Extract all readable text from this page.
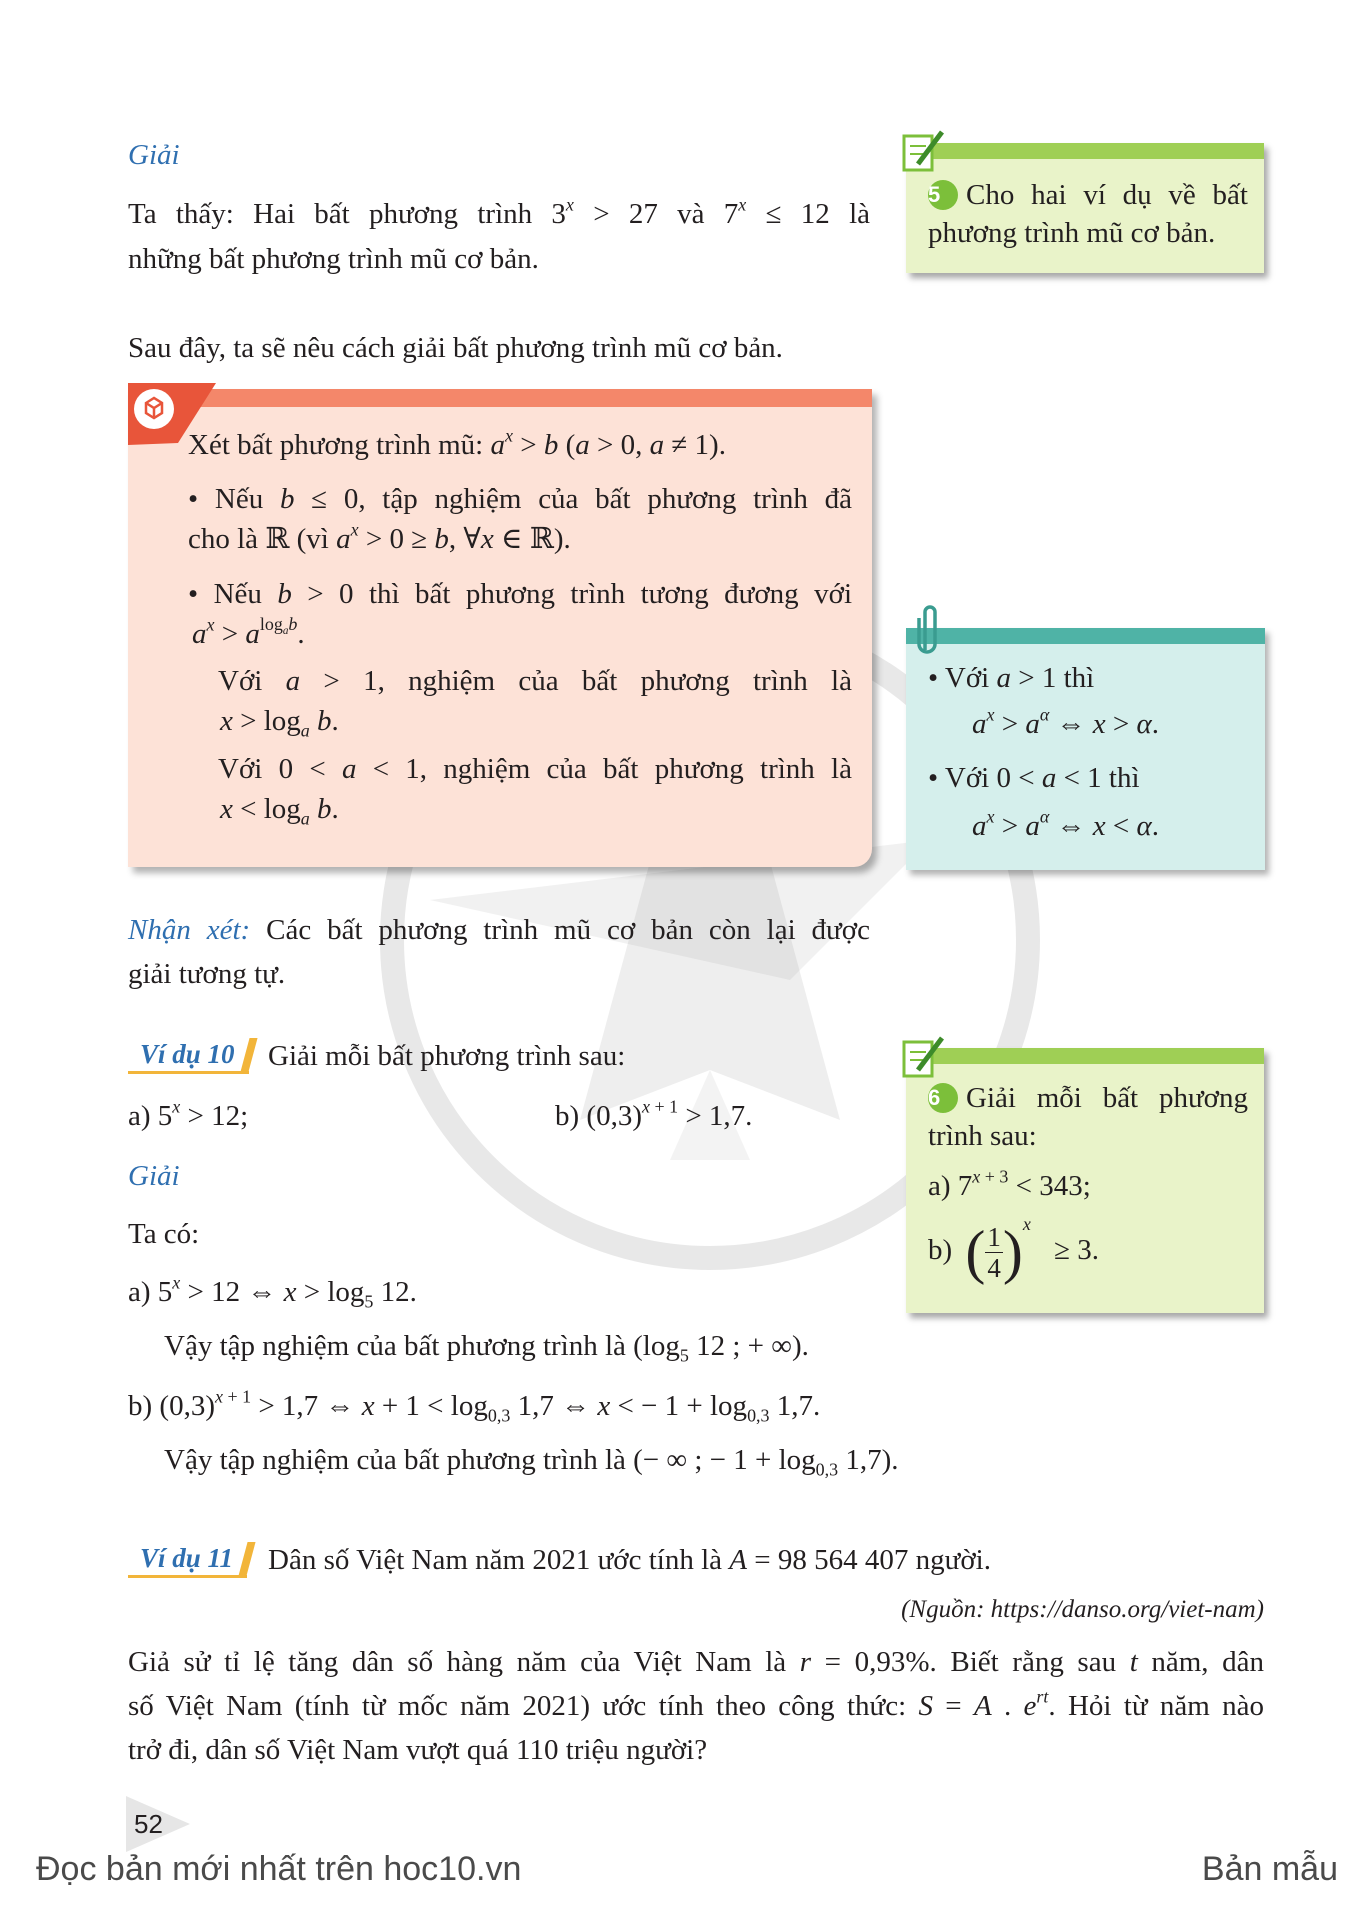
Giải
Ta thấy: Hai bất phương trình $3^x > 27$ và $7^x \le 12$ là
những bất phương trình mũ cơ bản.
Sau đây, ta sẽ nêu cách giải bất phương trình mũ cơ bản.
5 Cho hai ví dụ về bất
phương trình mũ cơ bản.
Xét bất phương trình mũ: $a^x > b$ (a > 0, a ≠ 1).
• Nếu b ≤ 0, tập nghiệm của bất phương trình đã
cho là ℝ (vì $a^x > 0 \ge b$, ∀x ∈ ℝ).
• Nếu b > 0 thì bất phương trình tương đương với
$a^x > a^{log_ab}$.
Với a > 1, nghiệm của bất phương trình là
$x > \log_a b$.
Với 0 < a < 1, nghiệm của bất phương trình là
$x < \log_a b$.
• Với a > 1 thì
$a^x > a^\alpha$ ⇔ x > α.
• Với 0 < a < 1 thì
$a^x > a^\alpha$ ⇔ x < α.
Nhận xét: Các bất phương trình mũ cơ bản còn lại được
giải tương tự.
Ví dụ 10	Giải mỗi bất phương trình sau:
a) $5^x > 12$;	b) $(0,3)^{x + 1} > 1,7$.
6 Giải mỗi bất phương
trình sau:
a) $7^{x + 3} < 343$;
b) ( $\frac{1}{4} )^x \ge 3$.
Giải
Ta có:
a) $5^x > 12$ ⇔ $x > \log_5 12$.
Vậy tập nghiệm của bất phương trình là ($\log_5$ 12 ; + ∞).
b) $(0,3)^{x + 1} > 1,7$ ⇔ $x + 1 < \log_{0,3} 1,7$ ⇔ x < − $1 + \log_{0,3} 1,7$.
Vậy tập nghiệm của bất phương trình là (− ∞ ; − $1 + \log_{0,3} 1,7$).
Ví dụ 11	Dân số Việt Nam năm 2021 ước tính là A = 98 564 407 người.
(Nguồn: https://danso.org/viet-nam)
Giả sử tỉ lệ tăng dân số hàng năm của Việt Nam là r = 0,93%. Biết rằng sau t năm, dân
số Việt Nam (tính từ mốc năm 2021) ước tính theo công thức: S = A . $e^{rt}$. Hỏi từ năm nào
trở đi, dân số Việt Nam vượt quá 110 triệu người?
52
Đọc bản mới nhất trên hoc10.vn	Bản mẫu
